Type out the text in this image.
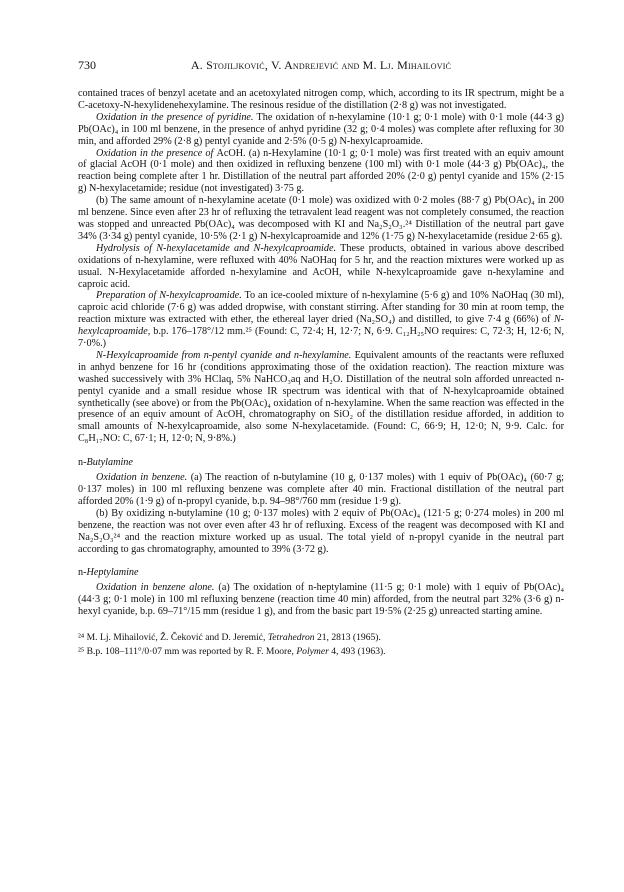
730	A. Stojiljković, V. Andrejević and M. Lj. Mihailović

contained traces of benzyl acetate and an acetoxylated nitrogen comp, which, according to its IR spectrum, might be a C-acetoxy-N-hexylidenehexylamine. The resinous residue of the distillation (2·8 g) was not investigated.

Oxidation in the presence of pyridine. The oxidation of n-hexylamine (10·1 g; 0·1 mole) with 0·1 mole (44·3 g) Pb(OAc)₄ in 100 ml benzene, in the presence of anhyd pyridine (32 g; 0·4 moles) was complete after refluxing for 30 min, and afforded 29% (2·8 g) pentyl cyanide and 2·5% (0·5 g) N-hexylcaproamide.

Oxidation in the presence of AcOH. (a) n-Hexylamine (10·1 g; 0·1 mole) was first treated with an equiv amount of glacial AcOH (0·1 mole) and then oxidized in refluxing benzene (100 ml) with 0·1 mole (44·3 g) Pb(OAc)₄, the reaction being complete after 1 hr. Distillation of the neutral part afforded 20% (2·0 g) pentyl cyanide and 15% (2·15 g) N-hexylacetamide; residue (not investigated) 3·75 g.

(b) The same amount of n-hexylamine acetate (0·1 mole) was oxidized with 0·2 moles (88·7 g) Pb(OAc)₄ in 200 ml benzene. Since even after 23 hr of refluxing the tetravalent lead reagent was not completely consumed, the reaction was stopped and unreacted Pb(OAc)₄ was decomposed with KI and Na₂S₂O₃.²⁴ Distillation of the neutral part gave 34% (3·34 g) pentyl cyanide, 10·5% (2·1 g) N-hexylcaproamide and 12% (1·75 g) N-hexylacetamide (residue 2·65 g).

Hydrolysis of N-hexylacetamide and N-hexylcaproamide. These products, obtained in various above described oxidations of n-hexylamine, were refluxed with 40% NaOHaq for 5 hr, and the reaction mixtures were worked up as usual. N-Hexylacetamide afforded n-hexylamine and AcOH, while N-hexylcaproamide gave n-hexylamine and caproic acid.

Preparation of N-hexylcaproamide. To an ice-cooled mixture of n-hexylamine (5·6 g) and 10% NaOHaq (30 ml), caproic acid chloride (7·6 g) was added dropwise, with constant stirring. After standing for 30 min at room temp, the reaction mixture was extracted with ether, the ethereal layer dried (Na₂SO₄) and distilled, to give 7·4 g (66%) of N-hexylcaproamide, b.p. 176–178°/12 mm.²⁵ (Found: C, 72·4; H, 12·7; N, 6·9. C₁₂H₂₅NO requires: C, 72·3; H, 12·6; N, 7·0%.)

N-Hexylcaproamide from n-pentyl cyanide and n-hexylamine. Equivalent amounts of the reactants were refluxed in anhyd benzene for 16 hr (conditions approximating those of the oxidation reaction). The reaction mixture was washed successively with 3% HClaq, 5% NaHCO₃aq and H₂O. Distillation of the neutral soln afforded unreacted n-pentyl cyanide and a small residue whose IR spectrum was identical with that of N-hexylcaproamide obtained synthetically (see above) or from the Pb(OAc)₄ oxidation of n-hexylamine. When the same reaction was effected in the presence of an equiv amount of AcOH, chromatography on SiO₂ of the distillation residue afforded, in addition to small amounts of N-hexylcaproamide, also some N-hexylacetamide. (Found: C, 66·9; H, 12·0; N, 9·9. Calc. for C₈H₁₇NO: C, 67·1; H, 12·0; N, 9·8%.)

n-Butylamine

Oxidation in benzene. (a) The reaction of n-butylamine (10 g, 0·137 moles) with 1 equiv of Pb(OAc)₄ (60·7 g; 0·137 moles) in 100 ml refluxing benzene was complete after 40 min. Fractional distillation of the neutral part afforded 20% (1·9 g) of n-propyl cyanide, b.p. 94–98°/760 mm (residue 1·9 g).

(b) By oxidizing n-butylamine (10 g; 0·137 moles) with 2 equiv of Pb(OAc)₄ (121·5 g; 0·274 moles) in 200 ml benzene, the reaction was not over even after 43 hr of refluxing. Excess of the reagent was decomposed with KI and Na₂S₂O₃²⁴ and the reaction mixture worked up as usual. The total yield of n-propyl cyanide in the neutral part according to gas chromatography, amounted to 39% (3·72 g).

n-Heptylamine

Oxidation in benzene alone. (a) The oxidation of n-heptylamine (11·5 g; 0·1 mole) with 1 equiv of Pb(OAc)₄ (44·3 g; 0·1 mole) in 100 ml refluxing benzene (reaction time 40 min) afforded, from the neutral part 32% (3·6 g) n-hexyl cyanide, b.p. 69–71°/15 mm (residue 1 g), and from the basic part 19·5% (2·25 g) unreacted starting amine.

²⁴ M. Lj. Mihailović, Ž. Čeković and D. Jeremić, Tetrahedron 21, 2813 (1965).

²⁵ B.p. 108–111°/0·07 mm was reported by R. F. Moore, Polymer 4, 493 (1963).
